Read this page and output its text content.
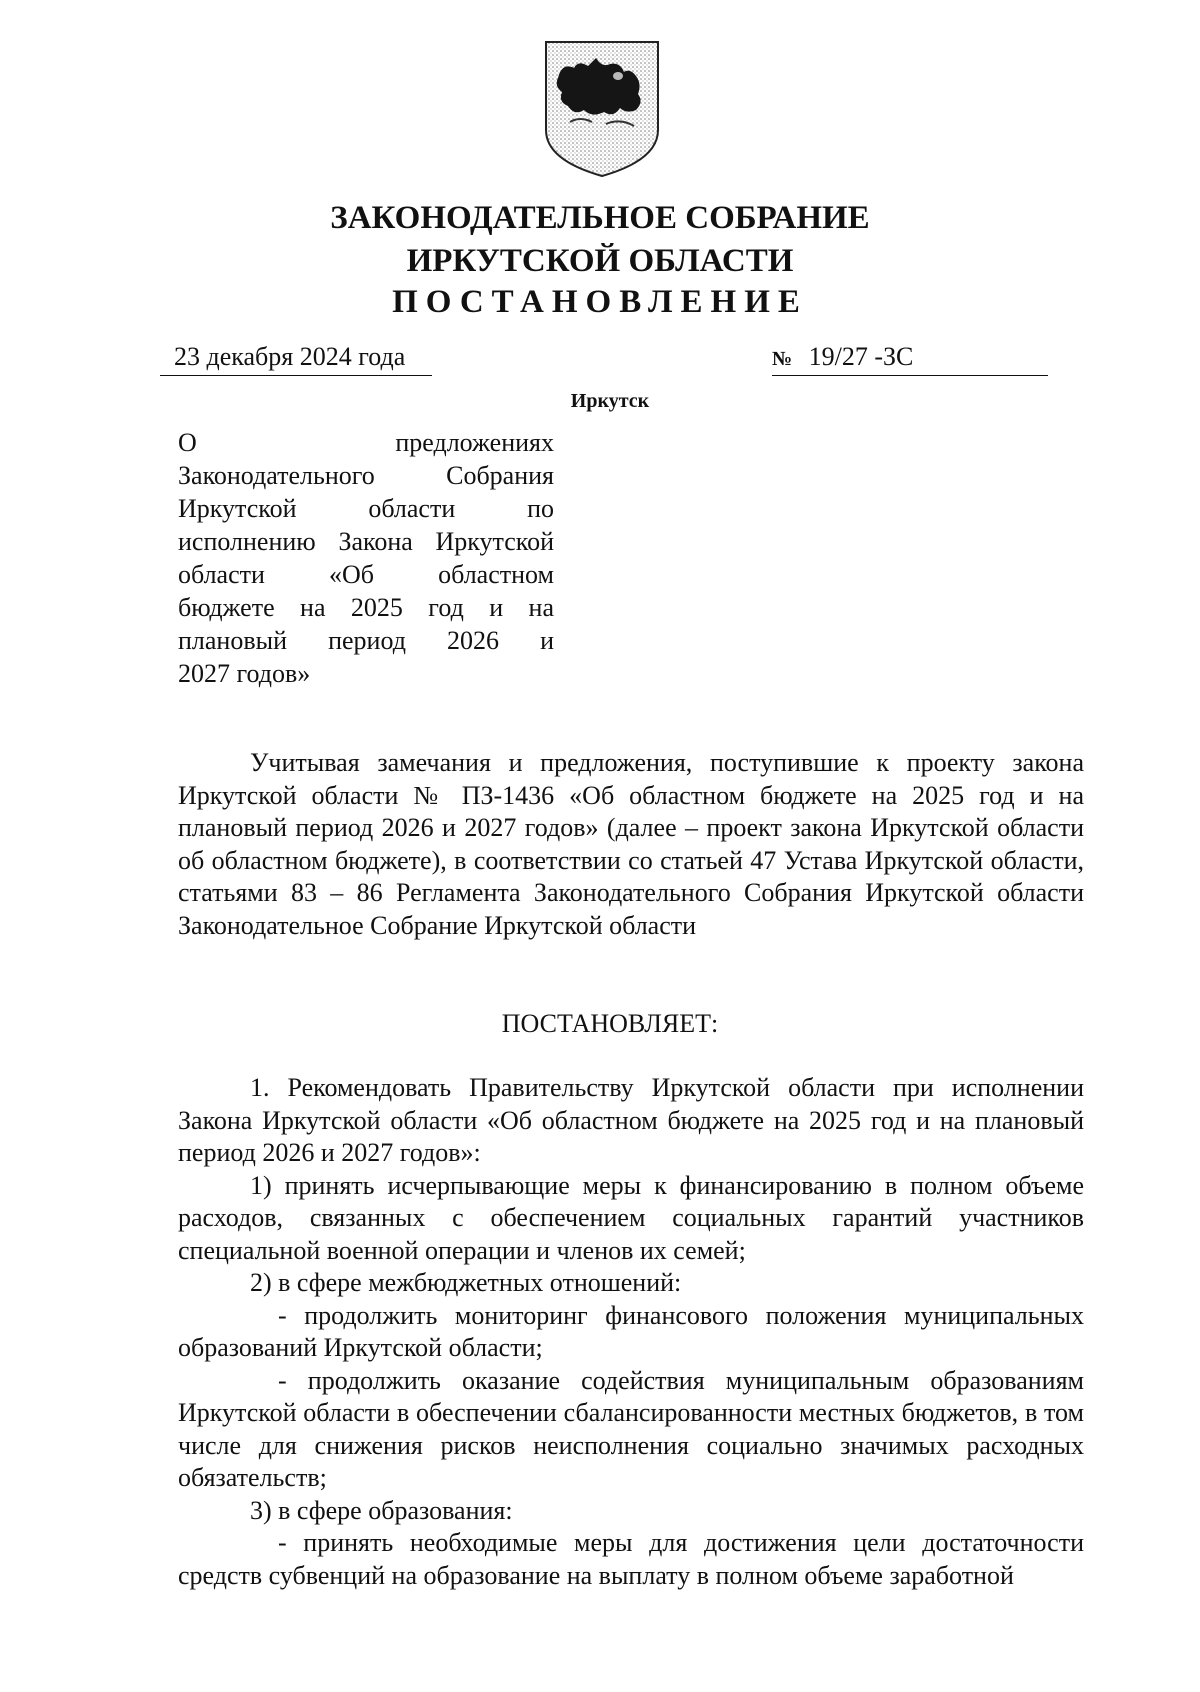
ЗАКОНОДАТЕЛЬНОЕ СОБРАНИЕ
ИРКУТСКОЙ ОБЛАСТИ
ПОСТАНОВЛЕНИЕ
23 декабря 2024 года	№ 19/27 -ЗС
Иркутск
О предложениях
Законодательного Собрания
Иркутской области по
исполнению Закона Иркутской
области «Об областном
бюджете на 2025 год и на
плановый период 2026 и
2027 годов»
Учитывая замечания и предложения, поступившие к проекту закона Иркутской области № ПЗ-1436 «Об областном бюджете на 2025 год и на плановый период 2026 и 2027 годов» (далее – проект закона Иркутской области об областном бюджете), в соответствии со статьей 47 Устава Иркутской области, статьями 83 – 86 Регламента Законодательного Собрания Иркутской области Законодательное Собрание Иркутской области
ПОСТАНОВЛЯЕТ:

1. Рекомендовать Правительству Иркутской области при исполнении Закона Иркутской области «Об областном бюджете на 2025 год и на плановый период 2026 и 2027 годов»:

1) принять исчерпывающие меры к финансированию в полном объеме расходов, связанных с обеспечением социальных гарантий участников специальной военной операции и членов их семей;

2) в сфере межбюджетных отношений:

- продолжить мониторинг финансового положения муниципальных образований Иркутской области;

- продолжить оказание содействия муниципальным образованиям Иркутской области в обеспечении сбалансированности местных бюджетов, в том числе для снижения рисков неисполнения социально значимых расходных обязательств;

3) в сфере образования:

- принять необходимые меры для достижения цели достаточности средств субвенций на образование на выплату в полном объеме заработной
